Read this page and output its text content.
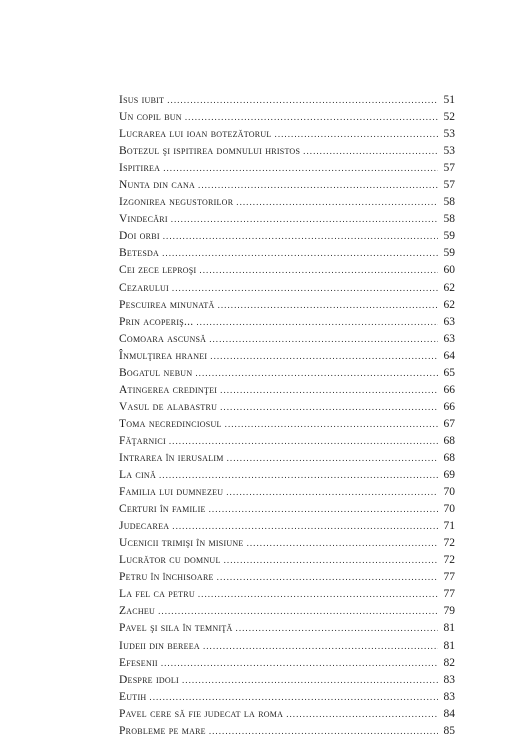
Isus iubit . . .	51
Un copil bun . . .	52
Lucrarea lui ioan botezătorul . . .	53
Botezul şi ispitirea domnului hristos . . .	53
Ispitirea . . .	57
Nunta din cana . . .	57
Izgonirea negustorilor . . .	58
Vindecări . . .	58
Doi orbi . . .	59
Betesda . . .	59
Cei zece leproşi . . .	60
Cezarului . . .	62
Pescuirea minunată . . .	62
Prin acoperiş... . . .	63
Comoara ascunsă . . .	63
Înmulţirea hranei . . .	64
Bogatul nebun . . .	65
Atingerea credinţei . . .	66
Vasul de alabastru . . .	66
Toma necredinciosul . . .	67
Făţarnici . . .	68
Intrarea în ierusalim . . .	68
La cină . . .	69
Familia lui dumnezeu . . .	70
Certuri în familie . . .	70
Judecarea . . .	71
Ucenicii trimişi în misiune . . .	72
Lucrător cu domnul . . .	72
Petru în închisoare . . .	77
La fel ca petru . . .	77
Zacheu . . .	79
Pavel şi sila în temniţă . . .	81
Iudeii din bereea . . .	81
Efesenii . . .	82
Despre idoli . . .	83
Eutih . . .	83
Pavel cere să fie judecat la roma . . .	84
Probleme pe mare . . .	85
